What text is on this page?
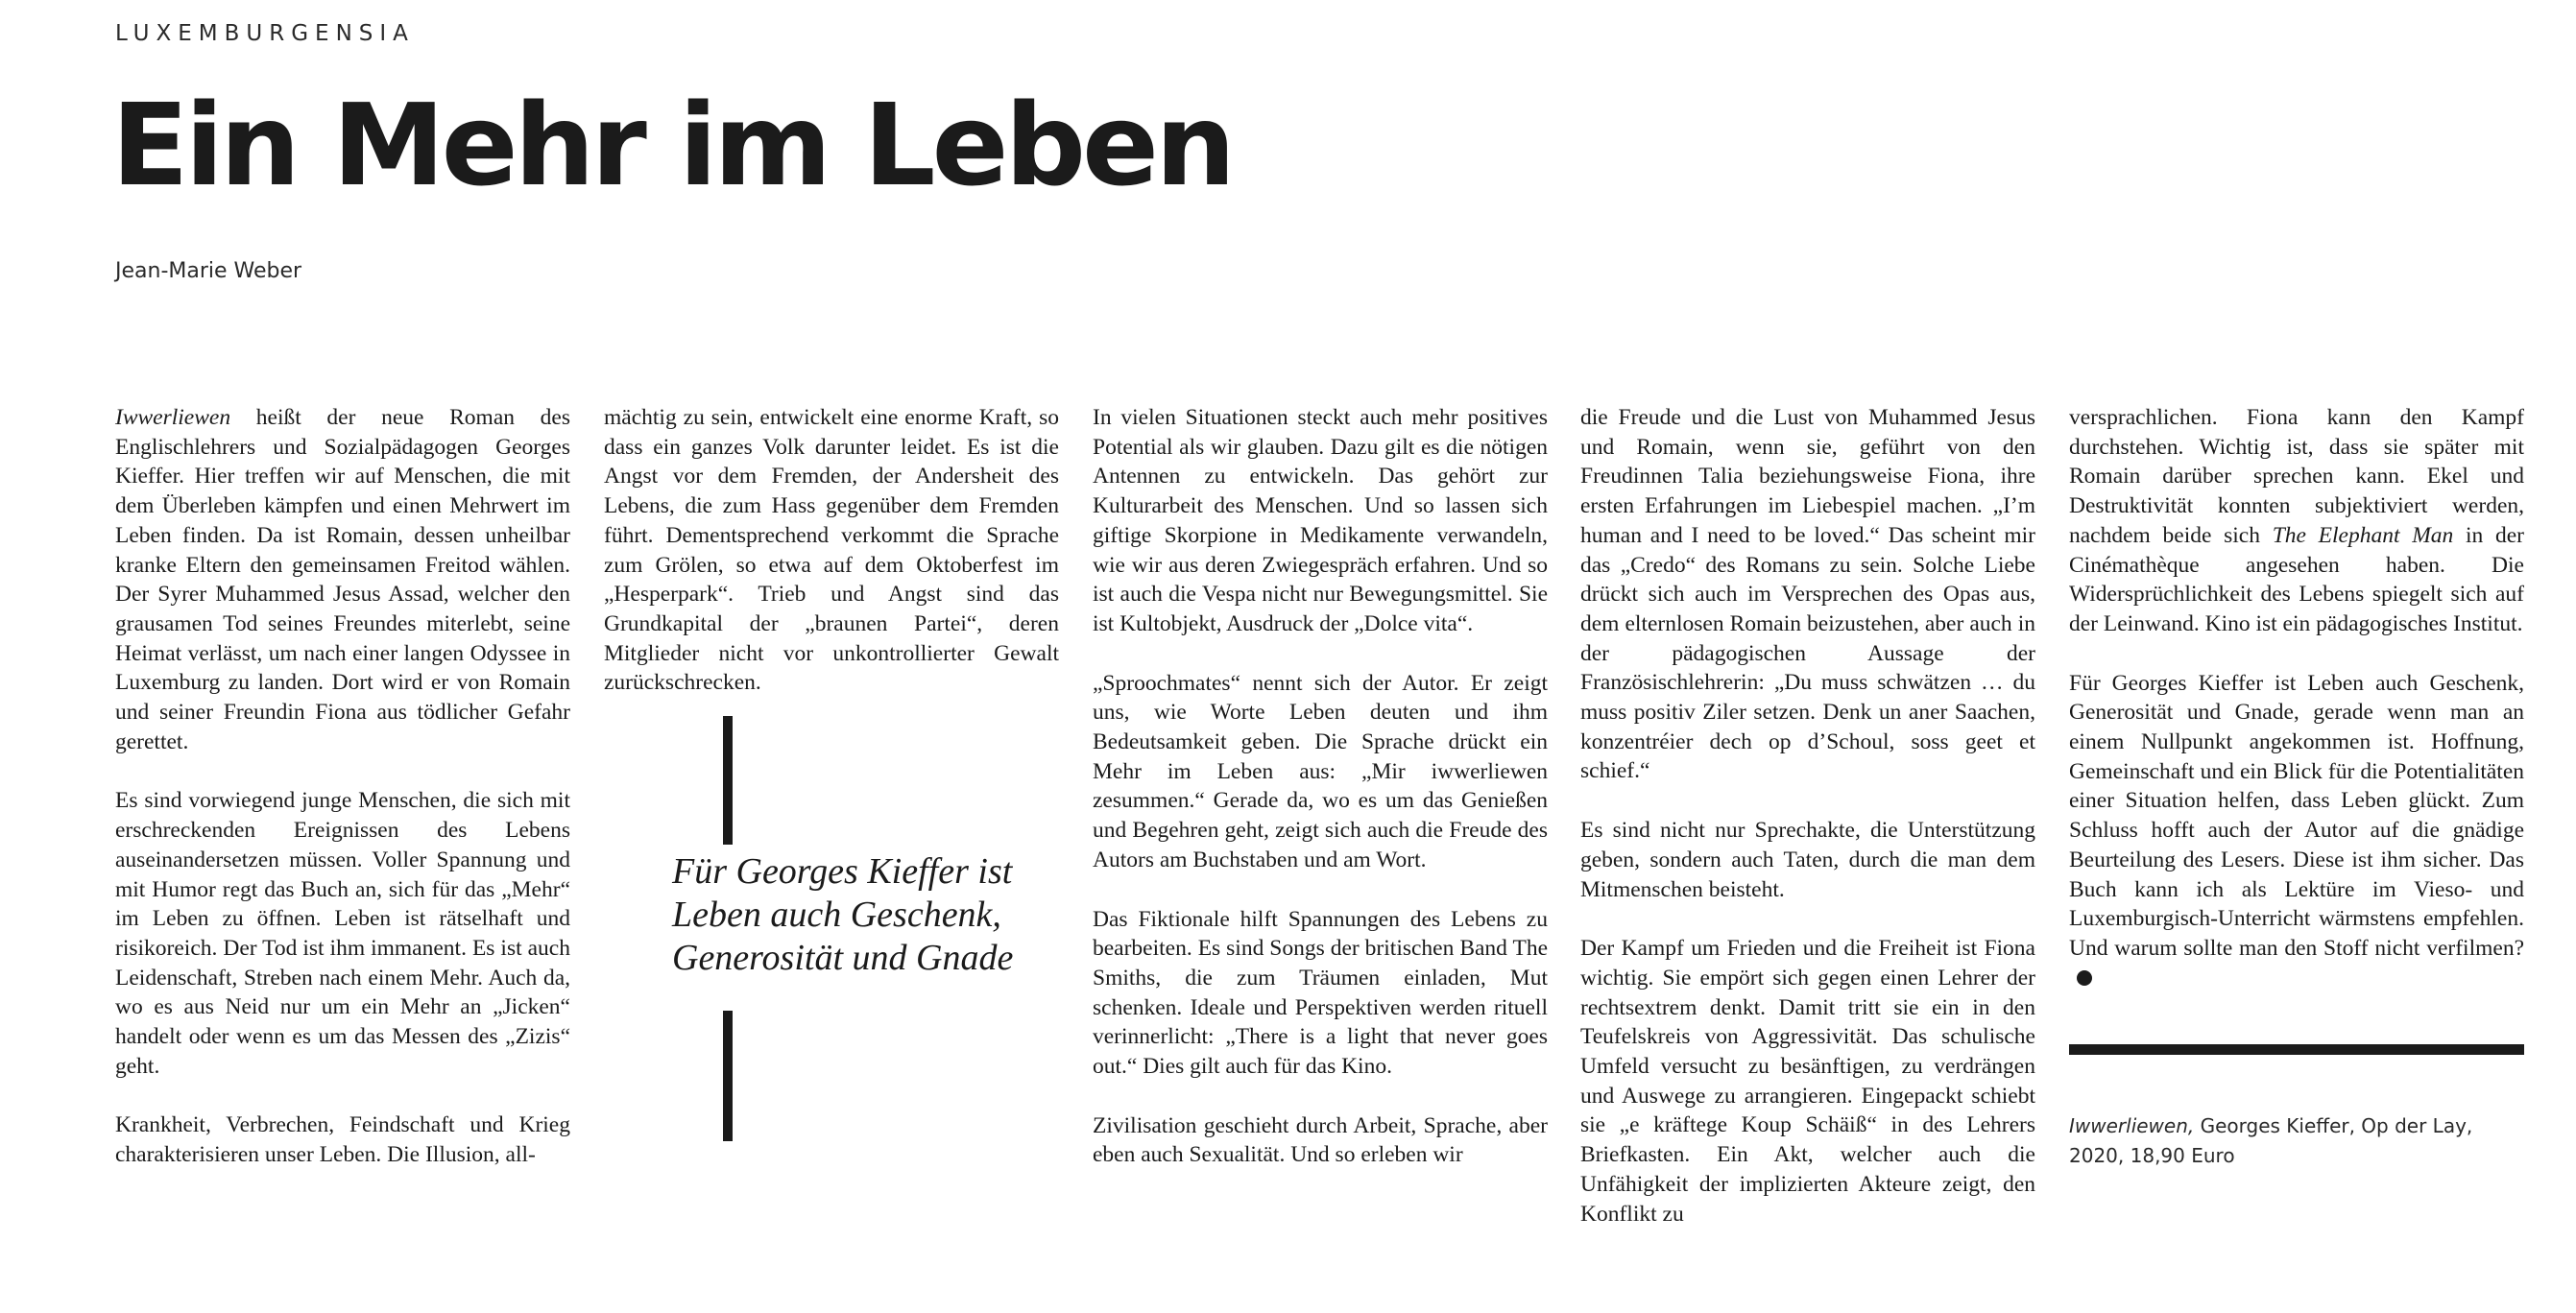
LUXEMBURGENSIA

Ein Mehr im Leben

Jean-Marie Weber

Iwwerliewen heißt der neue Roman des Englischlehrers und Sozialpädagogen Georges Kieffer. Hier treffen wir auf Menschen, die mit dem Überleben kämpfen und einen Mehrwert im Leben finden. Da ist Romain, dessen unheilbar kranke Eltern den gemeinsamen Freitod wählen. Der Syrer Muhammed Jesus Assad, welcher den grausamen Tod seines Freundes miterlebt, seine Heimat verlässt, um nach einer langen Odyssee in Luxemburg zu landen. Dort wird er von Romain und seiner Freundin Fiona aus tödlicher Gefahr gerettet.

Es sind vorwiegend junge Menschen, die sich mit erschreckenden Ereignissen des Lebens auseinandersetzen müssen. Voller Spannung und mit Humor regt das Buch an, sich für das „Mehr“ im Leben zu öffnen. Leben ist rätselhaft und risikoreich. Der Tod ist ihm immanent. Es ist auch Leidenschaft, Streben nach einem Mehr. Auch da, wo es aus Neid nur um ein Mehr an „Jicken“ handelt oder wenn es um das Messen des „Zizis“ geht.

Krankheit, Verbrechen, Feindschaft und Krieg charakterisieren unser Leben. Die Illusion, all-

mächtig zu sein, entwickelt eine enorme Kraft, so dass ein ganzes Volk darunter leidet. Es ist die Angst vor dem Fremden, der Andersheit des Lebens, die zum Hass gegenüber dem Fremden führt. Dementsprechend verkommt die Sprache zum Grölen, so etwa auf dem Oktoberfest im „Hesperpark“. Trieb und Angst sind das Grundkapital der „braunen Partei“, deren Mitglieder nicht vor unkontrollierter Gewalt zurückschrecken.

Für Georges Kieffer ist Leben auch Geschenk, Generosität und Gnade

In vielen Situationen steckt auch mehr positives Potential als wir glauben. Dazu gilt es die nötigen Antennen zu entwickeln. Das gehört zur Kulturarbeit des Menschen. Und so lassen sich giftige Skorpione in Medikamente verwandeln, wie wir aus deren Zwiegespräch erfahren. Und so ist auch die Vespa nicht nur Bewegungsmittel. Sie ist Kultobjekt, Ausdruck der „Dolce vita“.

„Sproochmates“ nennt sich der Autor. Er zeigt uns, wie Worte Leben deuten und ihm Bedeutsamkeit geben. Die Sprache drückt ein Mehr im Leben aus: „Mir iwwerliewen zesummen.“ Gerade da, wo es um das Genießen und Begehren geht, zeigt sich auch die Freude des Autors am Buchstaben und am Wort.

Das Fiktionale hilft Spannungen des Lebens zu bearbeiten. Es sind Songs der britischen Band The Smiths, die zum Träumen einladen, Mut schenken. Ideale und Perspektiven werden rituell verinnerlicht: „There is a light that never goes out.“ Dies gilt auch für das Kino.

Zivilisation geschieht durch Arbeit, Sprache, aber eben auch Sexualität. Und so erleben wir

die Freude und die Lust von Muhammed Jesus und Romain, wenn sie, geführt von den Freudinnen Talia beziehungsweise Fiona, ihre ersten Erfahrungen im Liebespiel machen. „I’m human and I need to be loved.“ Das scheint mir das „Credo“ des Romans zu sein. Solche Liebe drückt sich auch im Versprechen des Opas aus, dem elternlosen Romain beizustehen, aber auch in der pädagogischen Aussage der Französischlehrerin: „Du muss schwätzen … du muss positiv Ziler setzen. Denk un aner Saachen, konzentréier dech op d’Schoul, soss geet et schief.“

Es sind nicht nur Sprechakte, die Unterstützung geben, sondern auch Taten, durch die man dem Mitmenschen beisteht.

Der Kampf um Frieden und die Freiheit ist Fiona wichtig. Sie empört sich gegen einen Lehrer der rechtsextrem denkt. Damit tritt sie ein in den Teufelskreis von Aggressivität. Das schulische Umfeld versucht zu besänftigen, zu verdrängen und Auswege zu arrangieren. Eingepackt schiebt sie „e kräftege Koup Schäiß“ in des Lehrers Briefkasten. Ein Akt, welcher auch die Unfähigkeit der implizierten Akteure zeigt, den Konflikt zu

versprachlichen. Fiona kann den Kampf durchstehen. Wichtig ist, dass sie später mit Romain darüber sprechen kann. Ekel und Destruktivität konnten subjektiviert werden, nachdem beide sich The Elephant Man in der Cinémathèque angesehen haben. Die Widersprüchlichkeit des Lebens spiegelt sich auf der Leinwand. Kino ist ein pädagogisches Institut.

Für Georges Kieffer ist Leben auch Geschenk, Generosität und Gnade, gerade wenn man an einem Nullpunkt angekommen ist. Hoffnung, Gemeinschaft und ein Blick für die Potentialitäten einer Situation helfen, dass Leben glückt. Zum Schluss hofft auch der Autor auf die gnädige Beurteilung des Lesers. Diese ist ihm sicher. Das Buch kann ich als Lektüre im Vieso- und Luxemburgisch-Unterricht wärmstens empfehlen. Und warum sollte man den Stoff nicht verfilmen?

Iwwerliewen, Georges Kieffer, Op der Lay, 2020, 18,90 Euro
